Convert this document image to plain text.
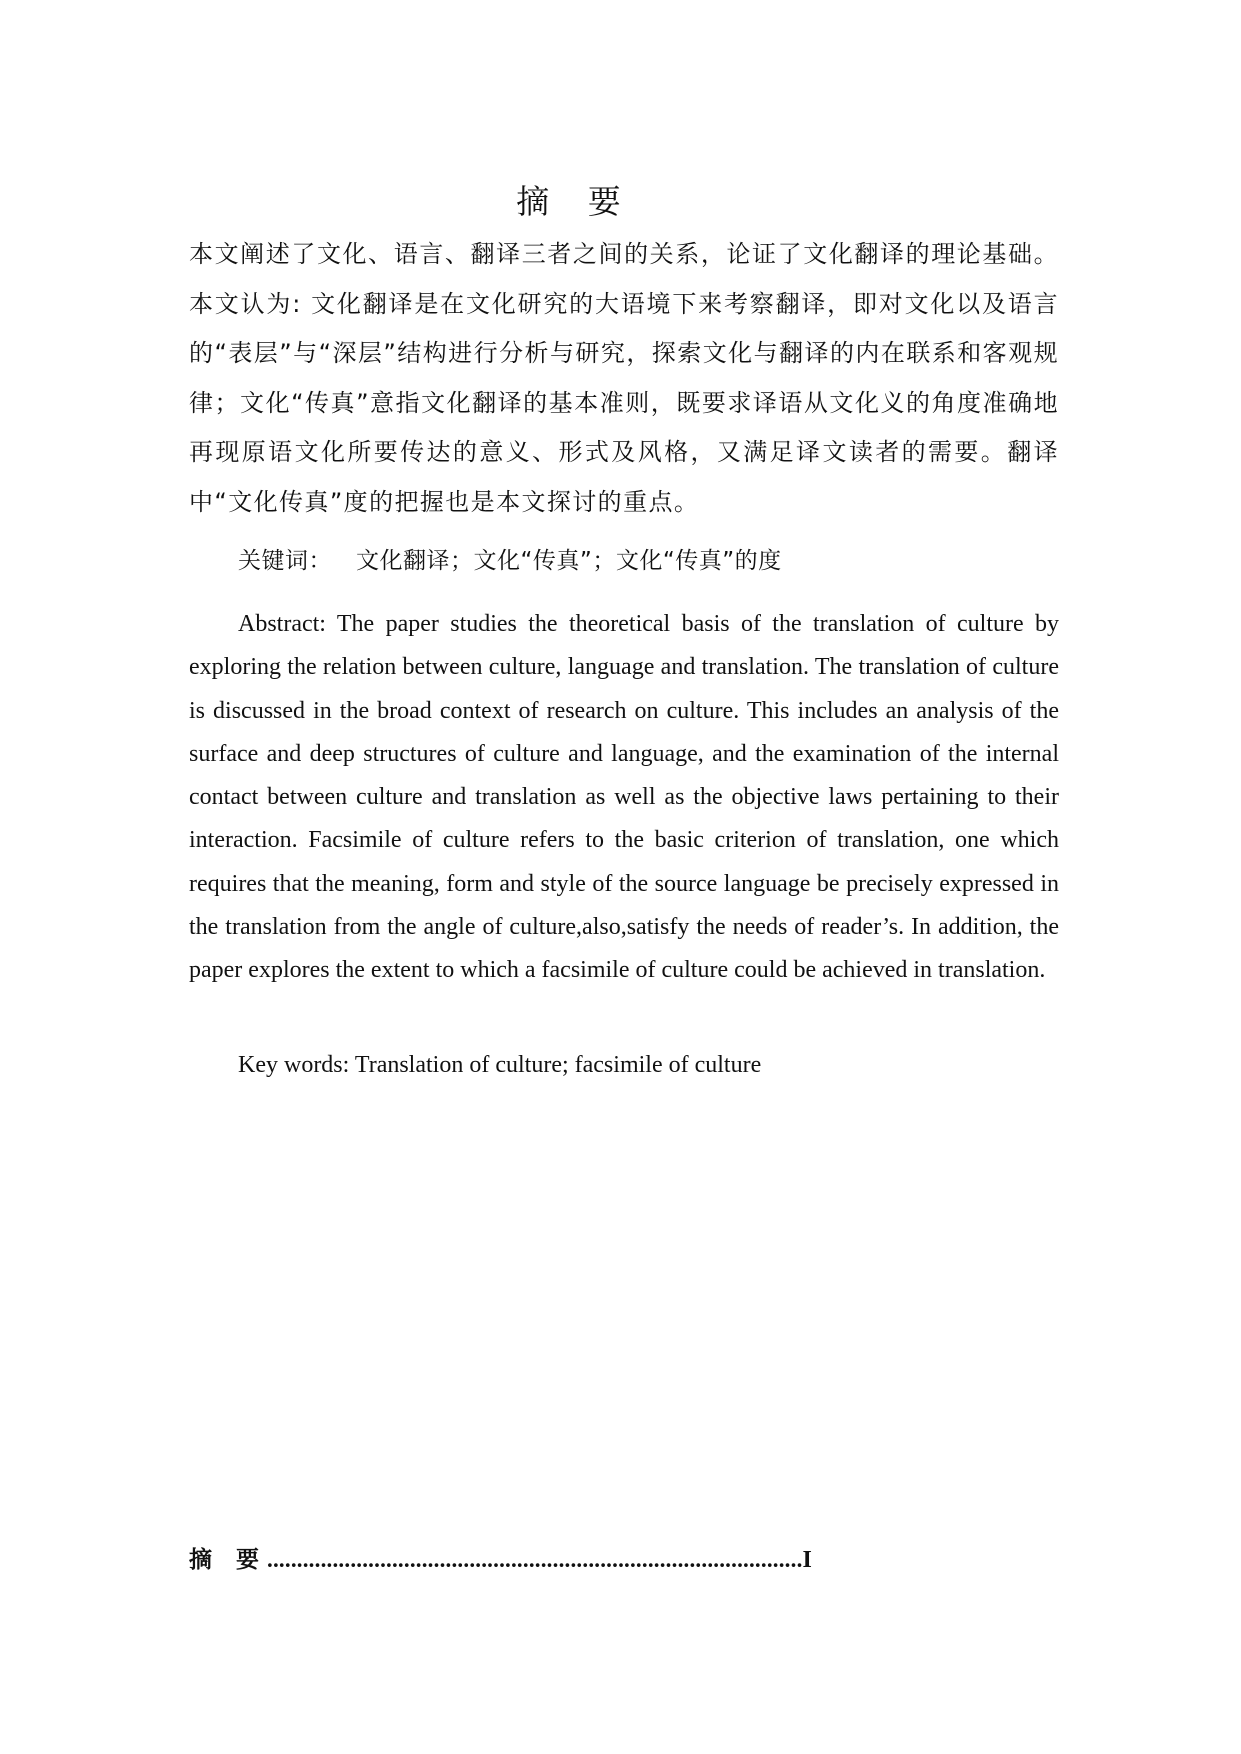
摘 要

本文阐述了文化、语言、翻译三者之间的关系，论证了文化翻译的理论基础。本文认为: 文化翻译是在文化研究的大语境下来考察翻译，即对文化以及语言的“表层”与“深层”结构进行分析与研究，探索文化与翻译的内在联系和客观规律；文化“传真”意指文化翻译的基本准则，既要求译语从文化义的角度准确地再现原语文化所要传达的意义、形式及风格，又满足译文读者的需要。翻译中“文化传真”度的把握也是本文探讨的重点。

关键词： 文化翻译；文化“传真”；文化“传真”的度

Abstract: The paper studies the theoretical basis of the translation of culture by exploring the relation between culture, language and translation. The translation of culture is discussed in the broad context of research on culture. This includes an analysis of the surface and deep structures of culture and language, and the examination of the internal contact between culture and translation as well as the objective laws pertaining to their interaction. Facsimile of culture refers to the basic criterion of translation, one which requires that the meaning, form and style of the source language be precisely expressed in the translation from the angle of culture,also,satisfy the needs of reader’s. In addition, the paper explores the extent to which a facsimile of culture could be achieved in translation.

Key words: Translation of culture; facsimile of culture

摘 要 .......................................................................................... I
